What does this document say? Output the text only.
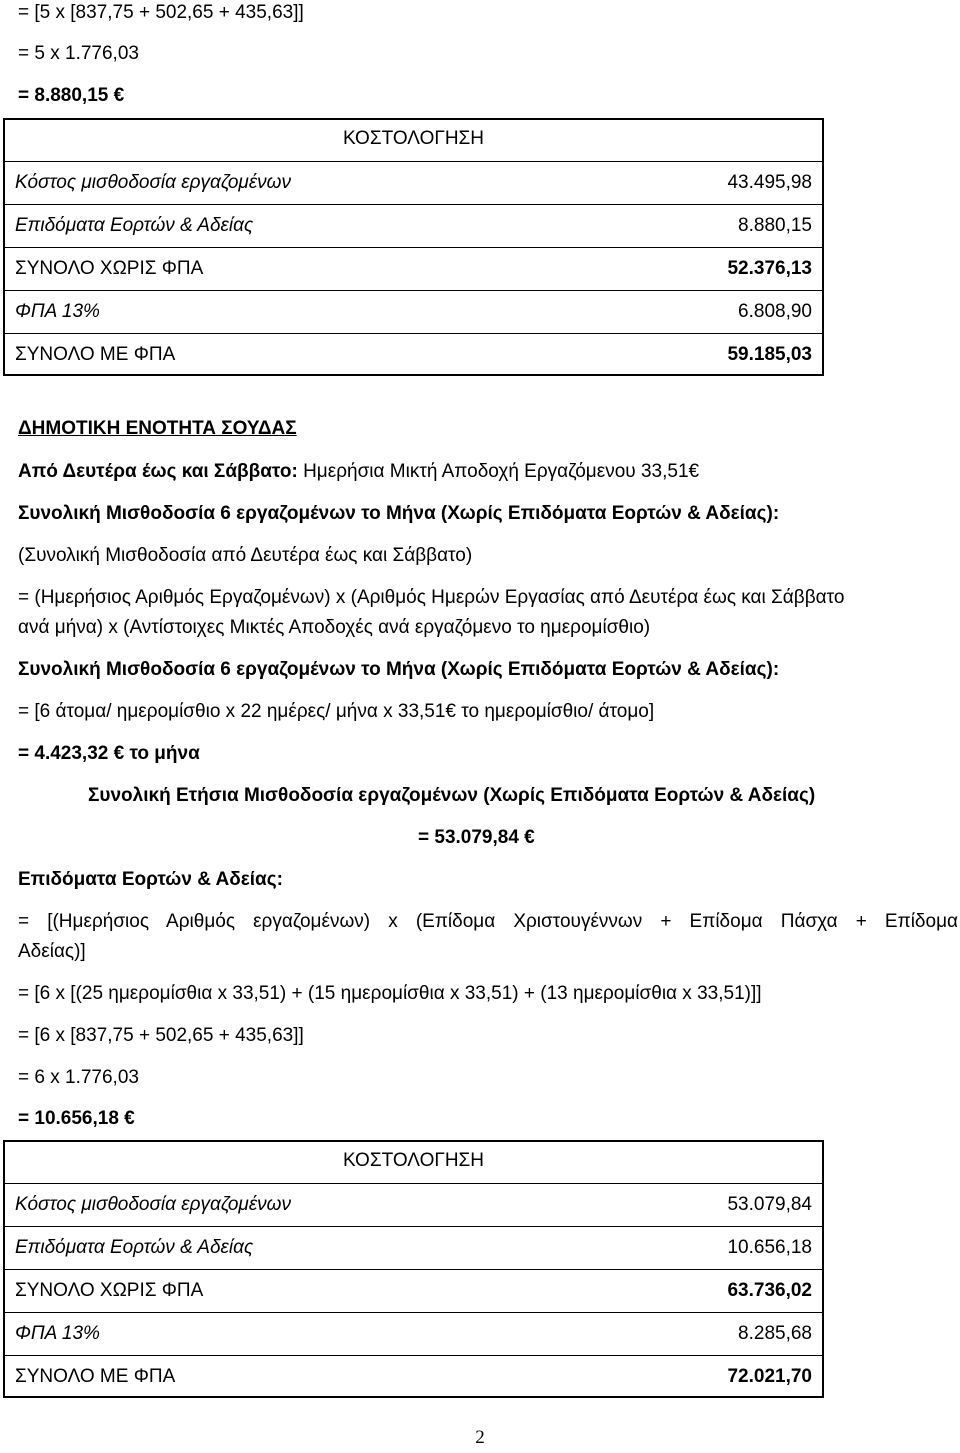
= [5 x [837,75 + 502,65 + 435,63]]
= 5 x 1.776,03
= 8.880,15 €
ΚΟΣΤΟΛΟΓΗΣΗ
Κόστος μισθοδοσία εργαζομένων	43.495,98
Επιδόματα Εορτών & Αδείας	8.880,15
ΣΥΝΟΛΟ ΧΩΡΙΣ ΦΠΑ	52.376,13
ΦΠΑ 13%	6.808,90
ΣΥΝΟΛΟ ΜΕ ΦΠΑ	59.185,03
ΔΗΜΟΤΙΚΗ ΕΝΟΤΗΤΑ ΣΟΥΔΑΣ
Από Δευτέρα έως και Σάββατο: Ημερήσια Μικτή Αποδοχή Εργαζόμενου 33,51€
Συνολική Μισθοδοσία 6 εργαζομένων το Μήνα (Χωρίς Επιδόματα Εορτών & Αδείας):
(Συνολική Μισθοδοσία από Δευτέρα έως και Σάββατο)
= (Ημερήσιος Αριθμός Εργαζομένων) x (Αριθμός Ημερών Εργασίας από Δευτέρα έως και Σάββατο
ανά μήνα) x (Αντίστοιχες Μικτές Αποδοχές ανά εργαζόμενο το ημερομίσθιο)
Συνολική Μισθοδοσία 6 εργαζομένων το Μήνα (Χωρίς Επιδόματα Εορτών & Αδείας):
= [6 άτομα/ ημερομίσθιο x 22 ημέρες/ μήνα x 33,51€ το ημερομίσθιο/ άτομο]
= 4.423,32 € το μήνα
Συνολική Ετήσια Μισθοδοσία εργαζομένων (Χωρίς Επιδόματα Εορτών & Αδείας)
= 53.079,84 €
Επιδόματα Εορτών & Αδείας:
= [(Ημερήσιος Αριθμός εργαζομένων) x (Επίδομα Χριστουγέννων + Επίδομα Πάσχα + Επίδομα
Αδείας)]
= [6 x [(25 ημερομίσθια x 33,51) + (15 ημερομίσθια x 33,51) + (13 ημερομίσθια x 33,51)]]
= [6 x [837,75 + 502,65 + 435,63]]
= 6 x 1.776,03
= 10.656,18 €
ΚΟΣΤΟΛΟΓΗΣΗ
Κόστος μισθοδοσία εργαζομένων	53.079,84
Επιδόματα Εορτών & Αδείας	10.656,18
ΣΥΝΟΛΟ ΧΩΡΙΣ ΦΠΑ	63.736,02
ΦΠΑ 13%	8.285,68
ΣΥΝΟΛΟ ΜΕ ΦΠΑ	72.021,70
2
